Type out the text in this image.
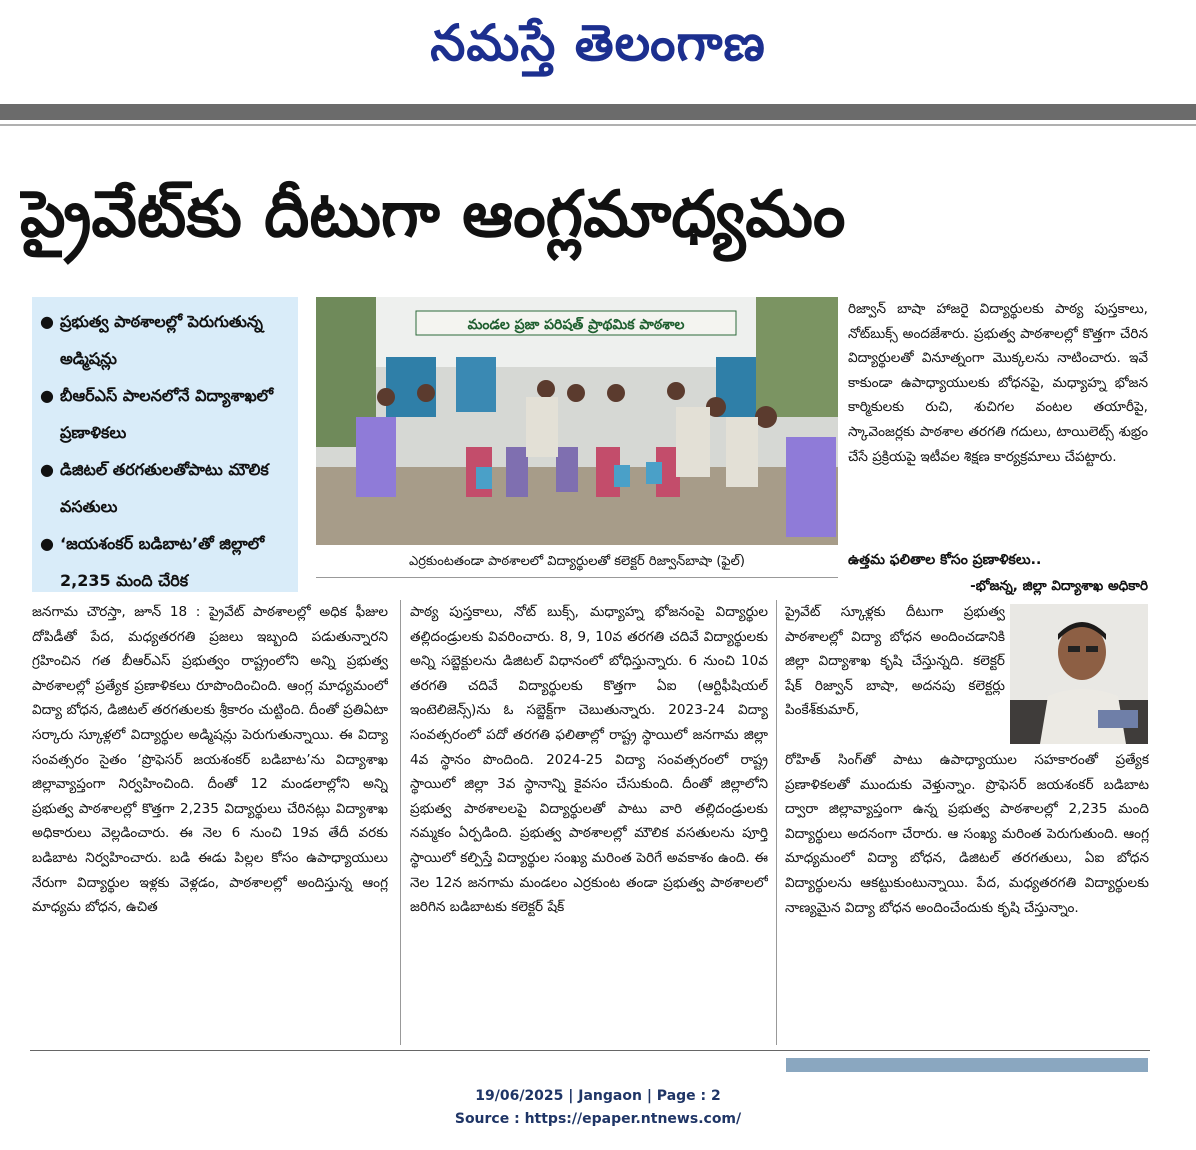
నమస్తే తెలంగాణ
ప్రైవేట్‌కు దీటుగా ఆంగ్లమాధ్యమం
● ప్రభుత్వ పాఠశాలల్లో పెరుగుతున్న అడ్మిషన్లు
● బీఆర్ఎస్ పాలనలోనే విద్యాశాఖలో ప్రణాళికలు
● డిజిటల్ తరగతులతోపాటు మౌలిక వసతులు
● ‘జయశంకర్ బడిబాట’తో జిల్లాలో 2,235 మంది చేరిక
మండల ప్రజా పరిషత్ ప్రాథమిక పాఠశాల
ఎర్రకుంటతండా పాఠశాలలో విద్యార్థులతో కలెక్టర్ రిజ్వాన్‌బాషా (ఫైల్)
రిజ్వాన్ బాషా హాజరై విద్యార్థులకు పాఠ్య పుస్తకాలు, నోట్‌బుక్స్ అందజేశారు. ప్రభుత్వ పాఠశాలల్లో కొత్తగా చేరిన విద్యార్థులతో వినూత్నంగా మొక్కలను నాటించారు. ఇవే కాకుండా ఉపాధ్యాయులకు బోధనపై, మధ్యాహ్న భోజన కార్మికులకు రుచి, శుచిగల వంటల తయారీపై, స్కావెంజర్లకు పాఠశాల తరగతి గదులు, టాయిలెట్స్ శుభ్రం చేసే ప్రక్రియపై ఇటీవల శిక్షణ కార్యక్రమాలు చేపట్టారు.
ఉత్తమ ఫలితాల కోసం ప్రణాళికలు..
-భోజన్న, జిల్లా విద్యాశాఖ అధికారి
జనగామ చౌరస్తా, జూన్ 18 : ప్రైవేట్ పాఠశాలల్లో అధిక ఫీజుల దోపిడీతో పేద, మధ్యతరగతి ప్రజలు ఇబ్బంది పడుతున్నారని గ్రహించిన గత బీఆర్ఎస్ ప్రభుత్వం రాష్ట్రంలోని అన్ని ప్రభుత్వ పాఠశాలల్లో ప్రత్యేక ప్రణాళికలు రూపొందించింది. ఆంగ్ల మాధ్యమంలో విద్యా బోధన, డిజిటల్ తరగతులకు శ్రీకారం చుట్టింది. దీంతో ప్రతిఏటా సర్కారు స్కూళ్లలో విద్యార్థుల అడ్మిషన్లు పెరుగుతున్నాయి. ఈ విద్యా సంవత్సరం సైతం ‘ప్రొఫెసర్ జయశంకర్ బడిబాట’ను విద్యాశాఖ జిల్లావ్యాప్తంగా నిర్వహించింది. దీంతో 12 మండలాల్లోని అన్ని ప్రభుత్వ పాఠశాలల్లో కొత్తగా 2,235 విద్యార్థులు చేరినట్లు విద్యాశాఖ అధికారులు వెల్లడించారు. ఈ నెల 6 నుంచి 19వ తేదీ వరకు బడిబాట నిర్వహించారు. బడి ఈడు పిల్లల కోసం ఉపాధ్యాయులు నేరుగా విద్యార్థుల ఇళ్లకు వెళ్లడం, పాఠశాలల్లో అందిస్తున్న ఆంగ్ల మాధ్యమ బోధన, ఉచిత
పాఠ్య పుస్తకాలు, నోట్ బుక్స్, మధ్యాహ్న భోజనంపై విద్యార్థుల తల్లిదండ్రులకు వివరించారు. 8, 9, 10వ తరగతి చదివే విద్యార్థులకు అన్ని సబ్జెక్టులను డిజిటల్ విధానంలో బోధిస్తున్నారు. 6 నుంచి 10వ తరగతి చదివే విద్యార్థులకు కొత్తగా ఏఐ (ఆర్టిఫీషియల్ ఇంటెలిజెన్స్)ను ఓ సబ్జెక్ట్‌గా చెబుతున్నారు. 2023-24 విద్యా సంవత్సరంలో పదో తరగతి ఫలితాల్లో రాష్ట్ర స్థాయిలో జనగామ జిల్లా 4వ స్థానం పొందింది. 2024-25 విద్యా సంవత్సరంలో రాష్ట్ర స్థాయిలో జిల్లా 3వ స్థానాన్ని కైవసం చేసుకుంది. దీంతో జిల్లాలోని ప్రభుత్వ పాఠశాలలపై విద్యార్థులతో పాటు వారి తల్లిదండ్రులకు నమ్మకం ఏర్పడింది. ప్రభుత్వ పాఠశాలల్లో మౌలిక వసతులను పూర్తి స్థాయిలో కల్పిస్తే విద్యార్థుల సంఖ్య మరింత పెరిగే అవకాశం ఉంది. ఈ నెల 12న జనగామ మండలం ఎర్రకుంట తండా ప్రభుత్వ పాఠశాలలో జరిగిన బడిబాటకు కలెక్టర్ షేక్
ప్రైవేట్ స్కూళ్లకు దీటుగా ప్రభుత్వ పాఠశాలల్లో విద్యా బోధన అందించడానికి జిల్లా విద్యాశాఖ కృషి చేస్తున్నది. కలెక్టర్ షేక్ రిజ్వాన్ బాషా, అదనపు కలెక్టర్లు పింకేశ్‌కుమార్,
రోహిత్ సింగ్‌తో పాటు ఉపాధ్యాయుల సహకారంతో ప్రత్యేక ప్రణాళికలతో ముందుకు వెళ్తున్నాం. ప్రొఫెసర్ జయశంకర్ బడిబాట ద్వారా జిల్లావ్యాప్తంగా ఉన్న ప్రభుత్వ పాఠశాలల్లో 2,235 మంది విద్యార్థులు అదనంగా చేరారు. ఆ సంఖ్య మరింత పెరుగుతుంది. ఆంగ్ల మాధ్యమంలో విద్యా బోధన, డిజిటల్ తరగతులు, ఏఐ బోధన విద్యార్థులను ఆకట్టుకుంటున్నాయి. పేద, మధ్యతరగతి విద్యార్థులకు నాణ్యమైన విద్యా బోధన అందించేందుకు కృషి చేస్తున్నాం.
19/06/2025 | Jangaon | Page : 2
Source : https://epaper.ntnews.com/
